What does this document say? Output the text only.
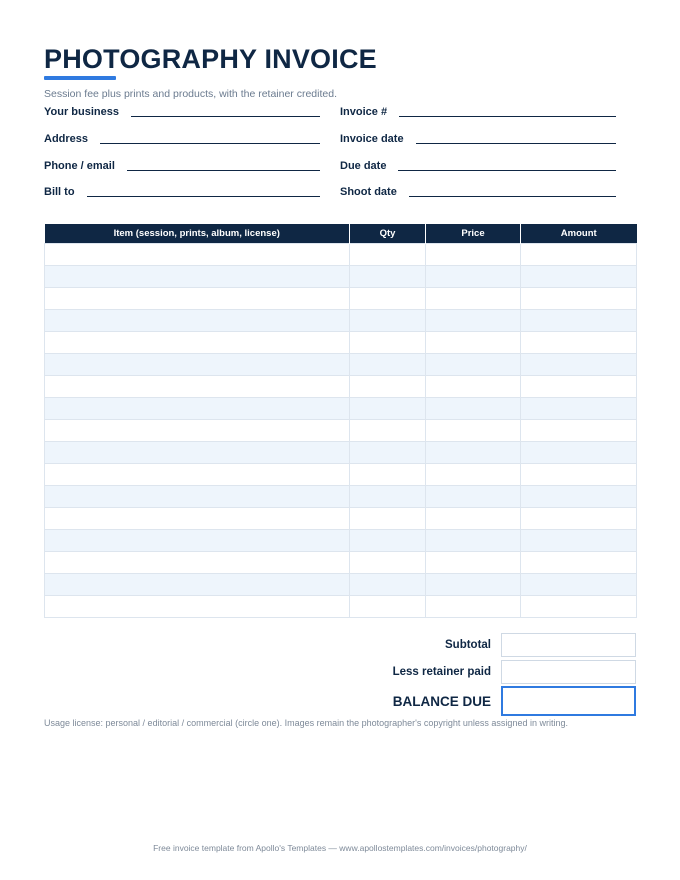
PHOTOGRAPHY INVOICE
Session fee plus prints and products, with the retainer credited.
Your business
Address
Phone / email
Bill to
Invoice #
Invoice date
Due date
Shoot date
Item (session, prints, album, license)	Qty	Price	Amount

Subtotal
Less retainer paid
BALANCE DUE
Usage license: personal / editorial / commercial (circle one). Images remain the photographer's copyright unless assigned in writing.
Free invoice template from Apollo's Templates — www.apollostemplates.com/invoices/photography/
